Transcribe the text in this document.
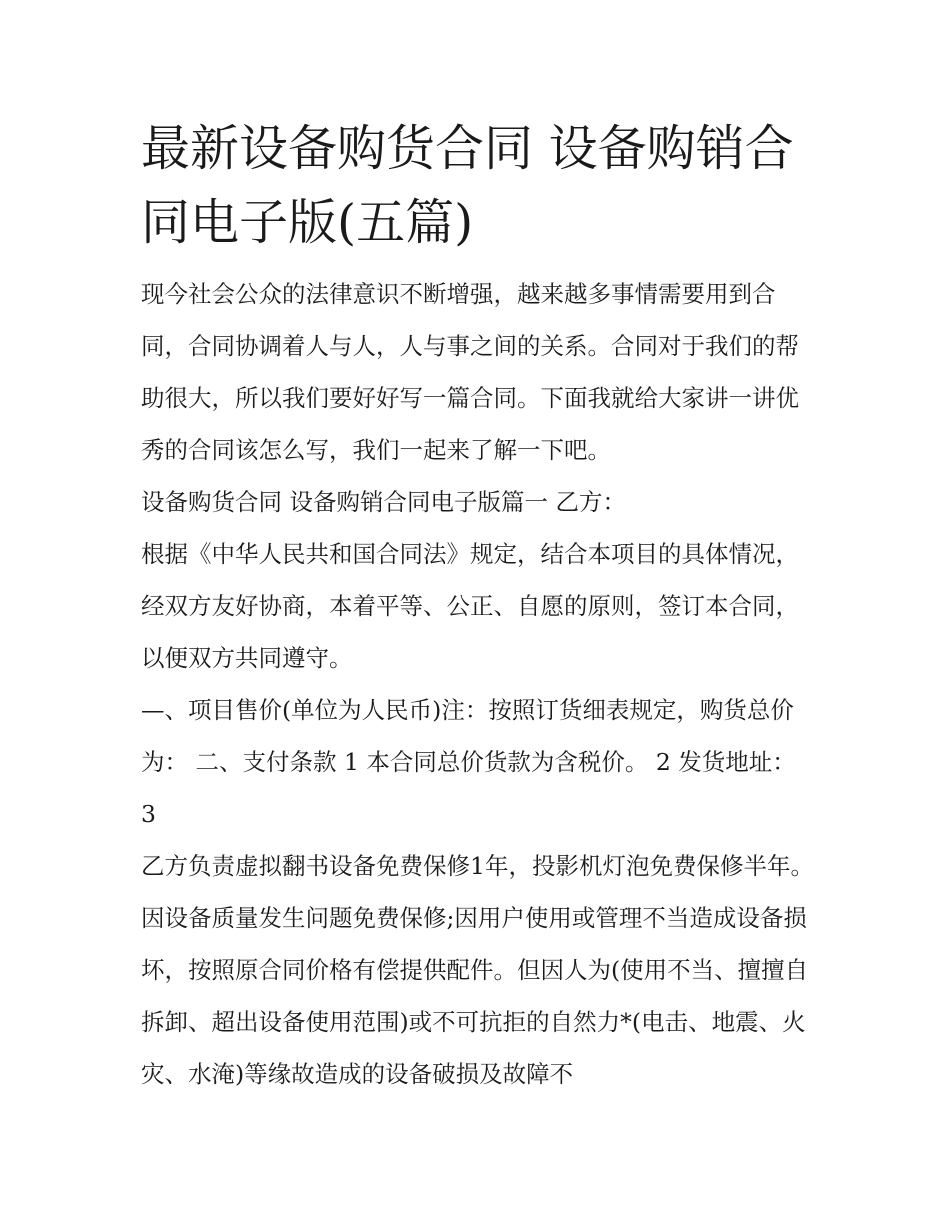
最新设备购货合同 设备购销合同电子版(五篇)

现今社会公众的法律意识不断增强，越来越多事情需要用到合同，合同协调着人与人，人与事之间的关系。合同对于我们的帮助很大，所以我们要好好写一篇合同。下面我就给大家讲一讲优秀的合同该怎么写，我们一起来了解一下吧。

设备购货合同 设备购销合同电子版篇一 乙方：

根据《中华人民共和国合同法》规定，结合本项目的具体情况，经双方友好协商，本着平等、公正、自愿的原则，签订本合同，以便双方共同遵守。

—、项目售价(单位为人民币)注：按照订货细表规定，购货总价为： 二、支付条款 1 本合同总价货款为含税价。 2 发货地址： 3

乙方负责虚拟翻书设备免费保修1年，投影机灯泡免费保修半年。因设备质量发生问题免费保修;因用户使用或管理不当造成设备损坏，按照原合同价格有偿提供配件。但因人为(使用不当、擅擅自拆卸、超出设备使用范围)或不可抗拒的自然力*(电击、地震、火灾、水淹)等缘故造成的设备破损及故障不
